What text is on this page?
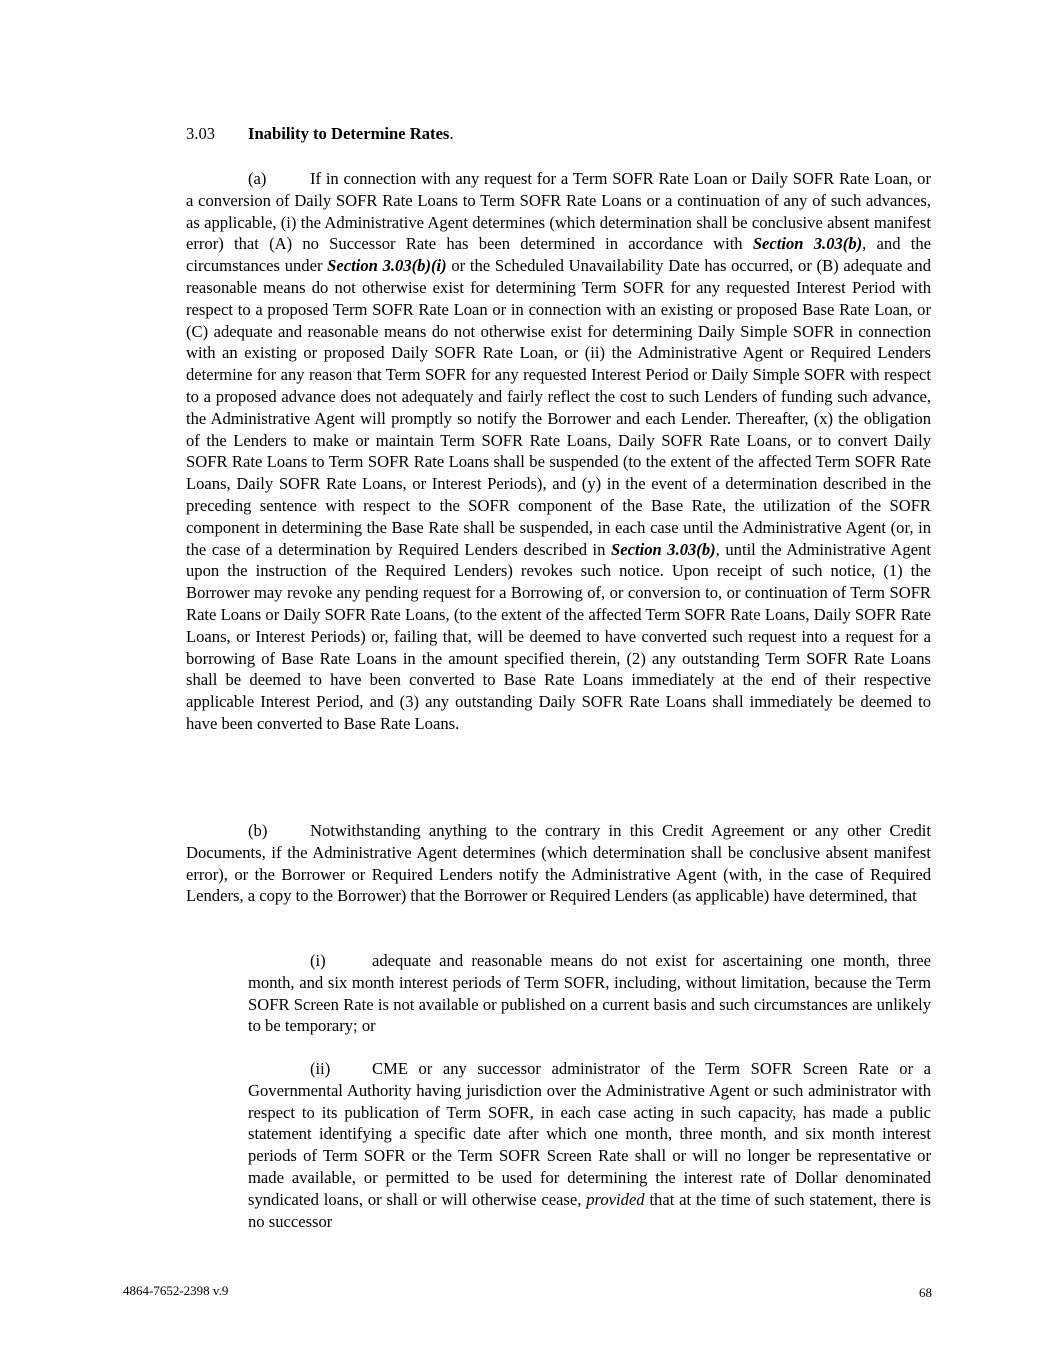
3.03 Inability to Determine Rates.
(a)	If in connection with any request for a Term SOFR Rate Loan or Daily SOFR Rate Loan, or a conversion of Daily SOFR Rate Loans to Term SOFR Rate Loans or a continuation of any of such advances, as applicable, (i) the Administrative Agent determines (which determination shall be conclusive absent manifest error) that (A) no Successor Rate has been determined in accordance with Section 3.03(b), and the circumstances under Section 3.03(b)(i) or the Scheduled Unavailability Date has occurred, or (B) adequate and reasonable means do not otherwise exist for determining Term SOFR for any requested Interest Period with respect to a proposed Term SOFR Rate Loan or in connection with an existing or proposed Base Rate Loan, or (C) adequate and reasonable means do not otherwise exist for determining Daily Simple SOFR in connection with an existing or proposed Daily SOFR Rate Loan, or (ii) the Administrative Agent or Required Lenders determine for any reason that Term SOFR for any requested Interest Period or Daily Simple SOFR with respect to a proposed advance does not adequately and fairly reflect the cost to such Lenders of funding such advance, the Administrative Agent will promptly so notify the Borrower and each Lender. Thereafter, (x) the obligation of the Lenders to make or maintain Term SOFR Rate Loans, Daily SOFR Rate Loans, or to convert Daily SOFR Rate Loans to Term SOFR Rate Loans shall be suspended (to the extent of the affected Term SOFR Rate Loans, Daily SOFR Rate Loans, or Interest Periods), and (y) in the event of a determination described in the preceding sentence with respect to the SOFR component of the Base Rate, the utilization of the SOFR component in determining the Base Rate shall be suspended, in each case until the Administrative Agent (or, in the case of a determination by Required Lenders described in Section 3.03(b), until the Administrative Agent upon the instruction of the Required Lenders) revokes such notice. Upon receipt of such notice, (1) the Borrower may revoke any pending request for a Borrowing of, or conversion to, or continuation of Term SOFR Rate Loans or Daily SOFR Rate Loans, (to the extent of the affected Term SOFR Rate Loans, Daily SOFR Rate Loans, or Interest Periods) or, failing that, will be deemed to have converted such request into a request for a borrowing of Base Rate Loans in the amount specified therein, (2) any outstanding Term SOFR Rate Loans shall be deemed to have been converted to Base Rate Loans immediately at the end of their respective applicable Interest Period, and (3) any outstanding Daily SOFR Rate Loans shall immediately be deemed to have been converted to Base Rate Loans.
(b)	Notwithstanding anything to the contrary in this Credit Agreement or any other Credit Documents, if the Administrative Agent determines (which determination shall be conclusive absent manifest error), or the Borrower or Required Lenders notify the Administrative Agent (with, in the case of Required Lenders, a copy to the Borrower) that the Borrower or Required Lenders (as applicable) have determined, that
(i)	adequate and reasonable means do not exist for ascertaining one month, three month, and six month interest periods of Term SOFR, including, without limitation, because the Term SOFR Screen Rate is not available or published on a current basis and such circumstances are unlikely to be temporary; or
(ii)	CME or any successor administrator of the Term SOFR Screen Rate or a Governmental Authority having jurisdiction over the Administrative Agent or such administrator with respect to its publication of Term SOFR, in each case acting in such capacity, has made a public statement identifying a specific date after which one month, three month, and six month interest periods of Term SOFR or the Term SOFR Screen Rate shall or will no longer be representative or made available, or permitted to be used for determining the interest rate of Dollar denominated syndicated loans, or shall or will otherwise cease, provided that at the time of such statement, there is no successor
4864-7652-2398 v.9	68
